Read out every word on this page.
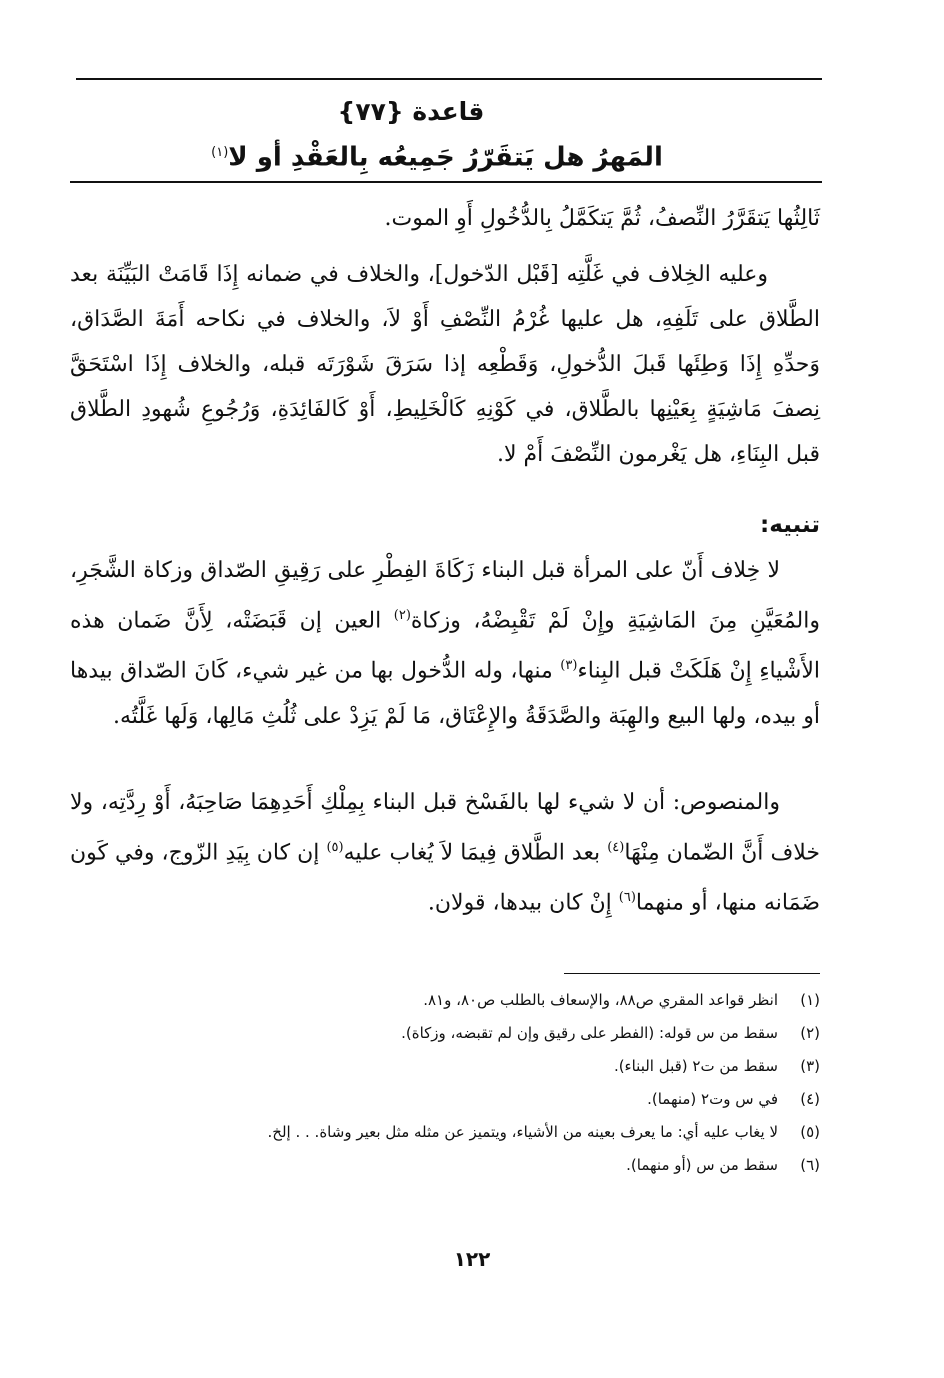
قاعدة {٧٧}
المَهرُ هل يَتقَرّرُ جَمِيعُه بِالعَقْدِ أو لا$^{(١)}$
ثَالِثُها يَتقَرَّرُ النِّصفُ، ثُمَّ يَتكَمَّلُ بِالدُّخُولِ أَوِ الموت.
وعليه الخِلاف في غَلَّتِه [قَبْل الدّخول]، والخلاف في ضمانه إِذَا قَامَتْ البَيِّنَة بعد الطَّلاق على تَلَفِهِ، هل عليها غُرْمُ النِّصْفِ أَوْ لاَ، والخلاف في نكاحه أَمَةَ الصَّدَاق، وَحدِّهِ إِذَا وَطِئَها قَبلَ الدُّخولِ، وَقَطْعِه إذا سَرَقَ شَوْرَتَه قبله، والخلاف إِذَا اسْتَحَقَّ نِصفَ مَاشِيَةٍ بِعَيْنِها بالطَّلاق، في كَوْنِهِ كَالْخَلِيطِ، أَوْ كَالفَائِدَةِ، وَرُجُوعِ شُهودِ الطَّلاق قبل البِنَاءِ، هل يَغْرمون النِّصْفَ أَمْ لا.
تنبيه:
لا خِلاف أَنّ على المرأة قبل البناء زَكَاةَ الفِطْرِ على رَقِيقِ الصّداق وزكاة الشَّجَرِ، والمُعَيَّنِ مِنَ المَاشِيَةِ وإِنْ لَمْ تَقْبِضْهُ، وزكاة$^{(٢)}$ العين إن قَبَضَتْه، لِأَنَّ ضَمان هذه الأَشْياءِ إِنْ هَلَكَتْ قبل البِناء$^{(٣)}$ منها، وله الدُّخول بها من غير شيء، كَانَ الصّداق بيدها أو بيده، ولها البيع والهِبَة والصَّدَقَةُ والإِعْتَاق، مَا لَمْ يَزِدْ على ثُلُثِ مَالِها، وَلَها غَلَّتُه.
والمنصوص: أن لا شيء لها بالفَسْخ قبل البناء بِمِلْكِ أَحَدِهِمَا صَاحِبَهُ، أَوْ رِدَّتِه، ولا خلاف أَنَّ الضّمان مِنْهَا$^{(٤)}$ بعد الطَّلاق فِيمَا لاَ يُغاب عليه$^{(٥)}$ إن كان بِيَدِ الزّوج، وفي كَون ضَمَانه منها، أو منهما$^{(٦)}$ إِنْ كان بيدها، قولان.
(١)
انظر قواعد المقري ص٨٨، والإسعاف بالطلب ص٨٠، و٨١.
(٢)
سقط من س قوله: (الفطر على رقيق وإن لم تقبضه، وزكاة).
(٣)
سقط من ت٢ (قبل البناء).
(٤)
في س وت٢ (منهما).
(٥)
لا يغاب عليه أي: ما يعرف بعينه من الأشياء، ويتميز عن مثله مثل بعير وشاة. . . إلخ.
(٦)
سقط من س (أو منهما).
١٢٢
